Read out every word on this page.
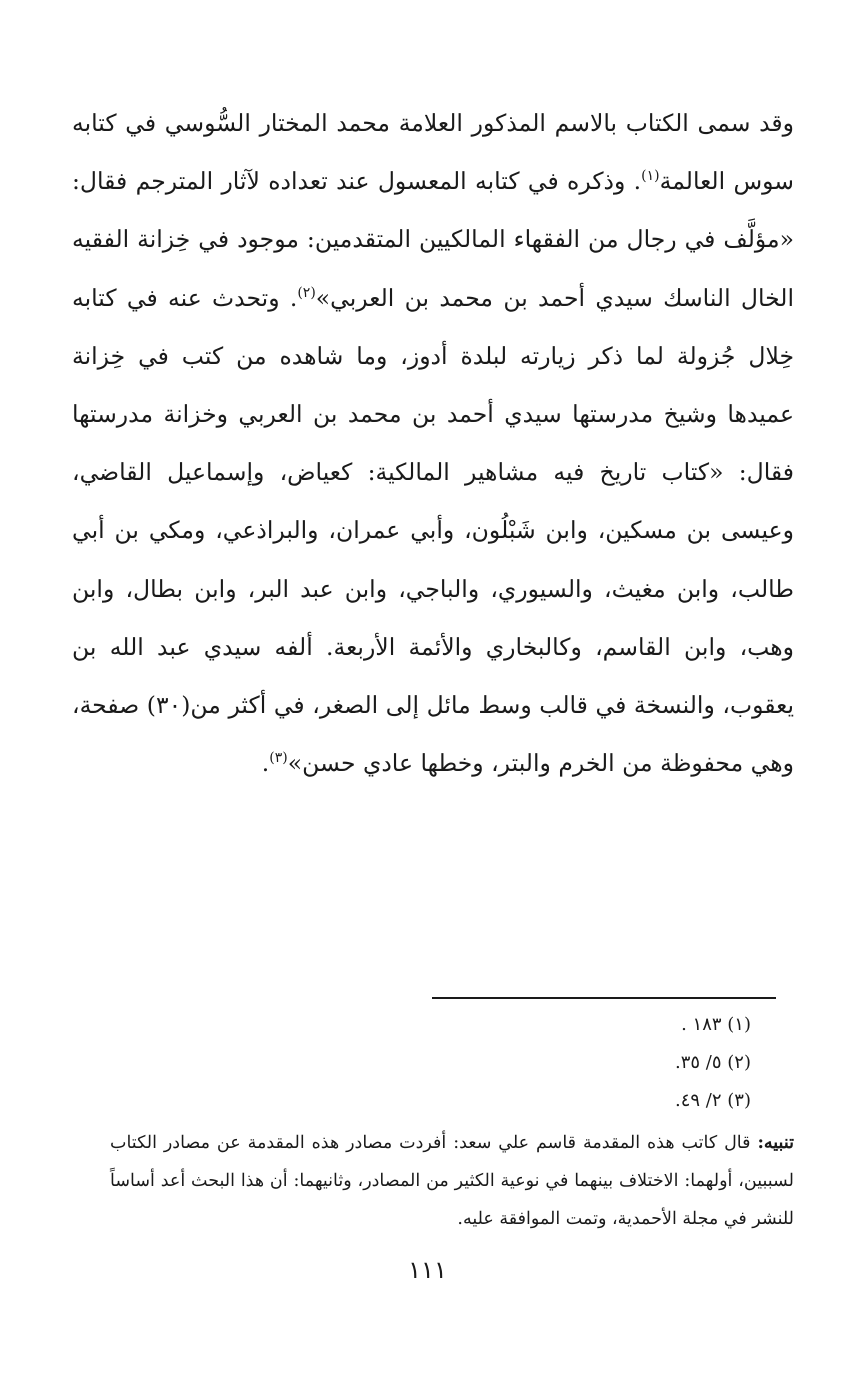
وقد سمى الكتاب بالاسم المذكور العلامة محمد المختار السُّوسي في كتابه سوس العالمة$^{(١)}$. وذكره في كتابه المعسول عند تعداده لآثار المترجم فقال: «مؤلَّف في رجال من الفقهاء المالكيين المتقدمين: موجود في خِزانة الفقيه الخال الناسك سيدي أحمد بن محمد بن العربي»$^{(٢)}$. وتحدث عنه في كتابه خِلال جُزولة لما ذكر زيارته لبلدة أدوز، وما شاهده من كتب في خِزانة عميدها وشيخ مدرستها سيدي أحمد بن محمد بن العربي وخزانة مدرستها فقال: «كتاب تاريخ فيه مشاهير المالكية: كعياض، وإسماعيل القاضي، وعيسى بن مسكين، وابن شَبْلُون، وأبي عمران، والبراذعي، ومكي بن أبي طالب، وابن مغيث، والسيوري، والباجي، وابن عبد البر، وابن بطال، وابن وهب، وابن القاسم، وكالبخاري والأئمة الأربعة. ألفه سيدي عبد الله بن يعقوب، والنسخة في قالب وسط مائل إلى الصغر، في أكثر من(٣٠) صفحة، وهي محفوظة من الخرم والبتر، وخطها عادي حسن»$^{(٣)}$.

(١) ١٨٣ .
(٢) ٥/ ٣٥.
(٣) ٢/ ٤٩.

تنبيه: قال كاتب هذه المقدمة قاسم علي سعد: أفردت مصادر هذه المقدمة عن مصادر الكتاب لسببين، أولهما: الاختلاف بينهما في نوعية الكثير من المصادر، وثانيهما: أن هذا البحث أعد أساساً للنشر في مجلة الأحمدية، وتمت الموافقة عليه.

١١١
